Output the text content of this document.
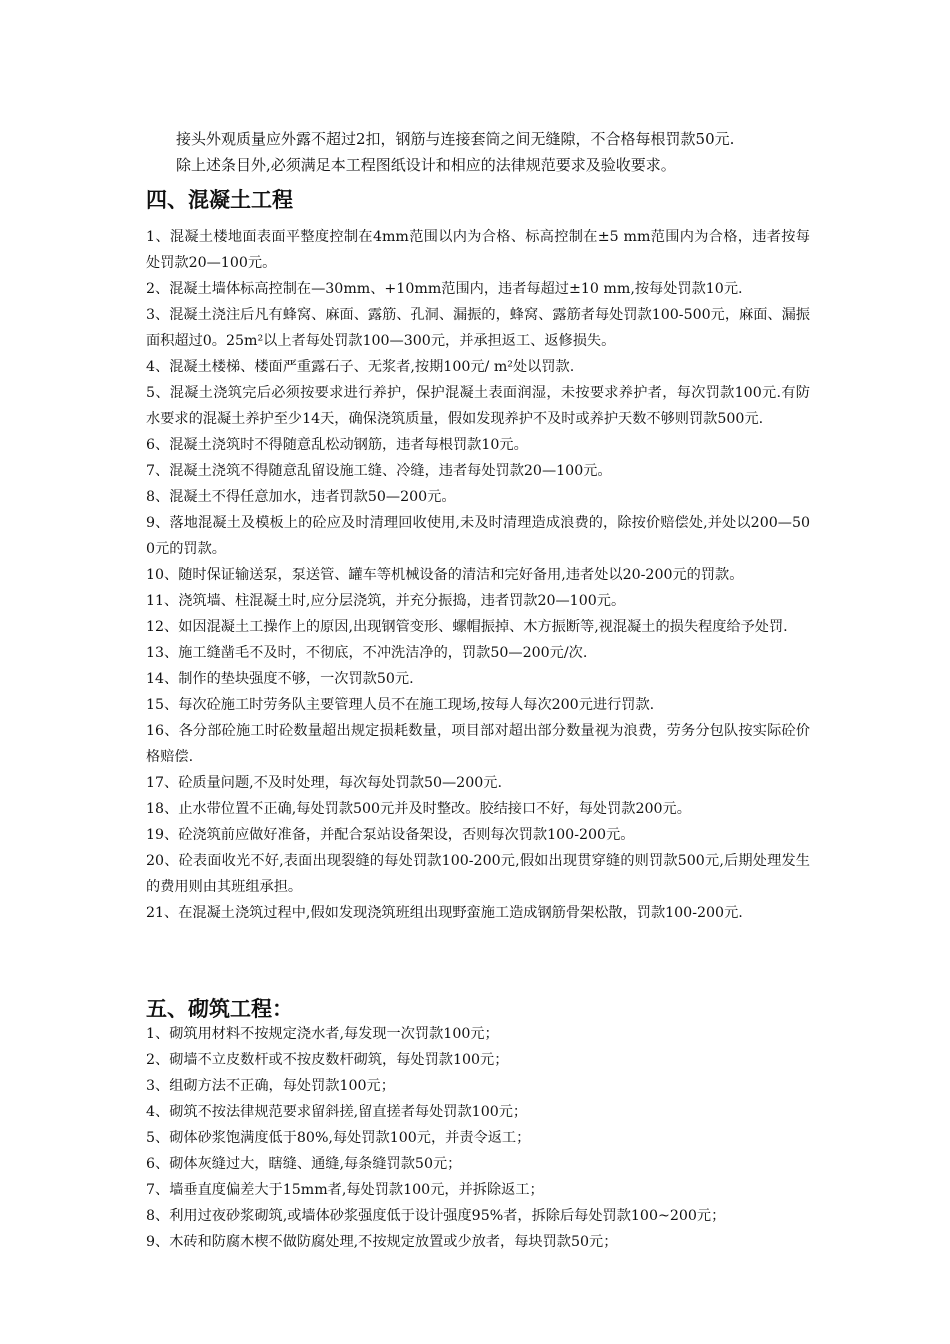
接头外观质量应外露不超过2扣，钢筋与连接套筒之间无缝隙，不合格每根罚款50元.

除上述条目外,必须满足本工程图纸设计和相应的法律规范要求及验收要求。

四、混凝土工程

1、混凝土楼地面表面平整度控制在4mm范围以内为合格、标高控制在±5 mm范围内为合格，违者按每处罚款20—100元。

2、混凝土墙体标高控制在—30mm、+10mm范围内，违者每超过±10 mm,按每处罚款10元.

3、混凝土浇注后凡有蜂窝、麻面、露筋、孔洞、漏振的，蜂窝、露筋者每处罚款100-500元，麻面、漏振面积超过0。25m²以上者每处罚款100—300元，并承担返工、返修损失。

4、混凝土楼梯、楼面严重露石子、无浆者,按期100元/ m²处以罚款.

5、混凝土浇筑完后必须按要求进行养护，保护混凝土表面润湿，未按要求养护者，每次罚款100元.有防水要求的混凝土养护至少14天，确保浇筑质量，假如发现养护不及时或养护天数不够则罚款500元.

6、混凝土浇筑时不得随意乱松动钢筋，违者每根罚款10元。

7、混凝土浇筑不得随意乱留设施工缝、冷缝，违者每处罚款20—100元。

8、混凝土不得任意加水，违者罚款50—200元。

9、落地混凝土及模板上的砼应及时清理回收使用,未及时清理造成浪费的，除按价赔偿处,并处以200—500元的罚款。

10、随时保证输送泵，泵送管、罐车等机械设备的清洁和完好备用,违者处以20-200元的罚款。

11、浇筑墙、柱混凝土时,应分层浇筑，并充分振捣，违者罚款20—100元。

12、如因混凝土工操作上的原因,出现钢管变形、螺帽振掉、木方振断等,视混凝土的损失程度给予处罚.

13、施工缝凿毛不及时，不彻底，不冲洗洁净的，罚款50—200元/次.

14、制作的垫块强度不够，一次罚款50元.

15、每次砼施工时劳务队主要管理人员不在施工现场,按每人每次200元进行罚款.

16、各分部砼施工时砼数量超出规定损耗数量，项目部对超出部分数量视为浪费，劳务分包队按实际砼价格赔偿.

17、砼质量问题,不及时处理，每次每处罚款50—200元.

18、止水带位置不正确,每处罚款500元并及时整改。胶结接口不好，每处罚款200元。

19、砼浇筑前应做好准备，并配合泵站设备架设，否则每次罚款100-200元。

20、砼表面收光不好,表面出现裂缝的每处罚款100-200元,假如出现贯穿缝的则罚款500元,后期处理发生的费用则由其班组承担。

21、在混凝土浇筑过程中,假如发现浇筑班组出现野蛮施工造成钢筋骨架松散，罚款100-200元.

五、砌筑工程：

1、砌筑用材料不按规定浇水者,每发现一次罚款100元；

2、砌墙不立皮数杆或不按皮数杆砌筑，每处罚款100元；

3、组砌方法不正确，每处罚款100元；

4、砌筑不按法律规范要求留斜搓,留直搓者每处罚款100元；

5、砌体砂浆饱满度低于80%,每处罚款100元，并责令返工；

6、砌体灰缝过大，瞎缝、通缝,每条缝罚款50元；

7、墙垂直度偏差大于15mm者,每处罚款100元，并拆除返工；

8、利用过夜砂浆砌筑,或墙体砂浆强度低于设计强度95%者，拆除后每处罚款100~200元；

9、木砖和防腐木楔不做防腐处理,不按规定放置或少放者，每块罚款50元；
